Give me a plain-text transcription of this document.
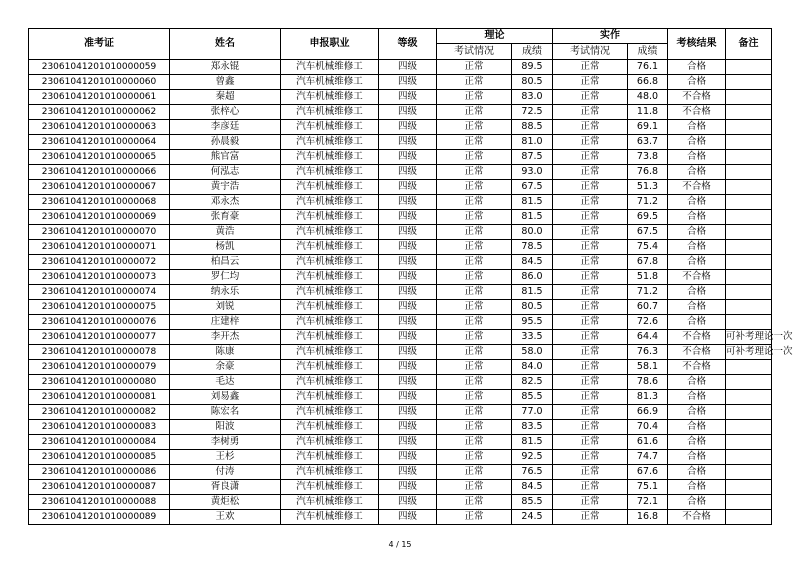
准考证	姓名	申报职业	等级	理论		实作		考核结果	备注
				考试情况	成绩	考试情况	成绩		
23061041201010000059	郑永锟	汽车机械维修工	四级	正常	89.5	正常	76.1	合格	
23061041201010000060	曾鑫	汽车机械维修工	四级	正常	80.5	正常	66.8	合格	
23061041201010000061	秦超	汽车机械维修工	四级	正常	83.0	正常	48.0	不合格	
23061041201010000062	张梓心	汽车机械维修工	四级	正常	72.5	正常	11.8	不合格	
23061041201010000063	李彦廷	汽车机械维修工	四级	正常	88.5	正常	69.1	合格	
23061041201010000064	孙晨毅	汽车机械维修工	四级	正常	81.0	正常	63.7	合格	
23061041201010000065	熊官富	汽车机械维修工	四级	正常	87.5	正常	73.8	合格	
23061041201010000066	何泓志	汽车机械维修工	四级	正常	93.0	正常	76.8	合格	
23061041201010000067	黄宇浩	汽车机械维修工	四级	正常	67.5	正常	51.3	不合格	
23061041201010000068	邓永杰	汽车机械维修工	四级	正常	81.5	正常	71.2	合格	
23061041201010000069	张育豪	汽车机械维修工	四级	正常	81.5	正常	69.5	合格	
23061041201010000070	黄浩	汽车机械维修工	四级	正常	80.0	正常	67.5	合格	
23061041201010000071	杨凯	汽车机械维修工	四级	正常	78.5	正常	75.4	合格	
23061041201010000072	柏昌云	汽车机械维修工	四级	正常	84.5	正常	67.8	合格	
23061041201010000073	罗仁均	汽车机械维修工	四级	正常	86.0	正常	51.8	不合格	
23061041201010000074	纳永乐	汽车机械维修工	四级	正常	81.5	正常	71.2	合格	
23061041201010000075	刘锐	汽车机械维修工	四级	正常	80.5	正常	60.7	合格	
23061041201010000076	庄建梓	汽车机械维修工	四级	正常	95.5	正常	72.6	合格	
23061041201010000077	李开杰	汽车机械维修工	四级	正常	33.5	正常	64.4	不合格	可补考理论一次
23061041201010000078	陈康	汽车机械维修工	四级	正常	58.0	正常	76.3	不合格	可补考理论一次
23061041201010000079	余豪	汽车机械维修工	四级	正常	84.0	正常	58.1	不合格	
23061041201010000080	毛达	汽车机械维修工	四级	正常	82.5	正常	78.6	合格	
23061041201010000081	刘易鑫	汽车机械维修工	四级	正常	85.5	正常	81.3	合格	
23061041201010000082	陈宏名	汽车机械维修工	四级	正常	77.0	正常	66.9	合格	
23061041201010000083	阳波	汽车机械维修工	四级	正常	83.5	正常	70.4	合格	
23061041201010000084	李树勇	汽车机械维修工	四级	正常	81.5	正常	61.6	合格	
23061041201010000085	王杉	汽车机械维修工	四级	正常	92.5	正常	74.7	合格	
23061041201010000086	付涛	汽车机械维修工	四级	正常	76.5	正常	67.6	合格	
23061041201010000087	胥良潇	汽车机械维修工	四级	正常	84.5	正常	75.1	合格	
23061041201010000088	黄炬松	汽车机械维修工	四级	正常	85.5	正常	72.1	合格	
23061041201010000089	王欢	汽车机械维修工	四级	正常	24.5	正常	16.8	不合格	
4 / 15
